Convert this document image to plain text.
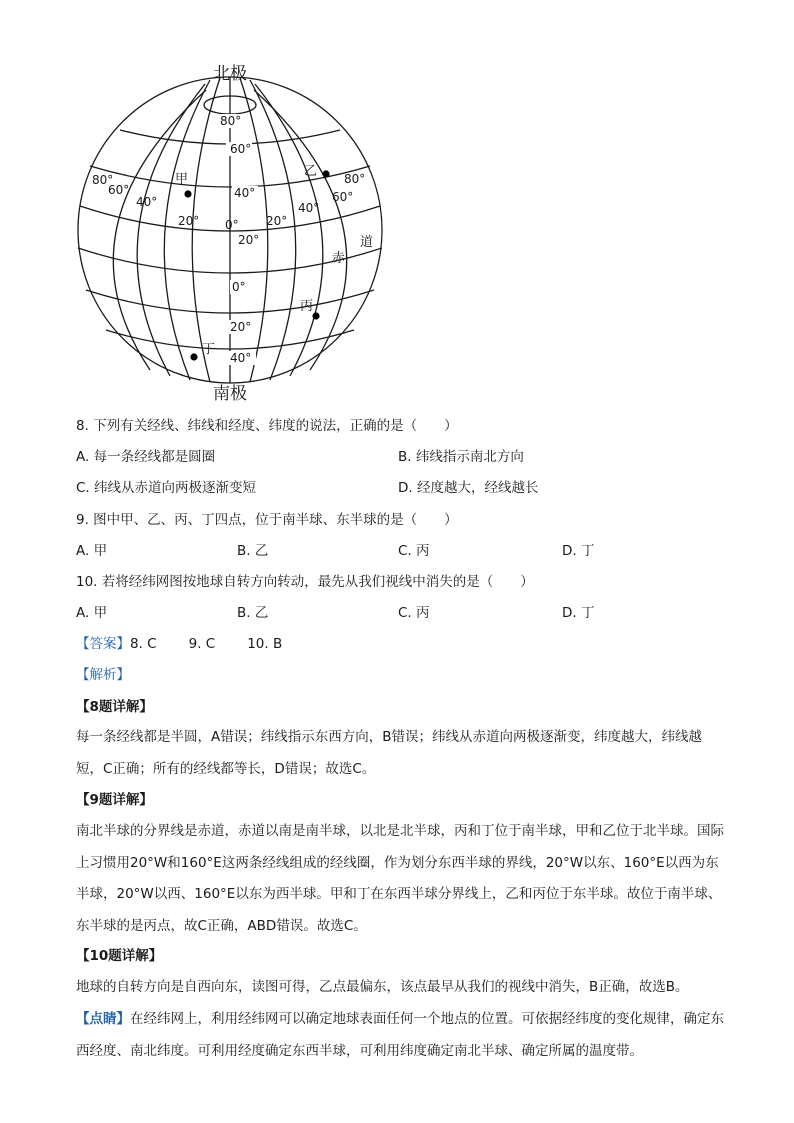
北极
南极
80°
60°
40°
20°
0°
20°
40°
0°
80°
60°
40°
20°	20°
40°
60°
80°
赤
道
甲
乙
丙
丁
8. 下列有关经线、纬线和经度、纬度的说法，正确的是（　　）
A. 每一条经线都是圆圈	B. 纬线指示南北方向
C. 纬线从赤道向两极逐渐变短	D. 经度越大，经线越长
9. 图中甲、乙、丙、丁四点，位于南半球、东半球的是（　　）
A. 甲	B. 乙	C. 丙	D. 丁
10. 若将经纬网图按地球自转方向转动，最先从我们视线中消失的是（　　）
A. 甲	B. 乙	C. 丙	D. 丁
【答案】8. C 9. C 10. B
【解析】
【8题详解】
每一条经线都是半圆，A错误；纬线指示东西方向，B错误；纬线从赤道向两极逐渐变，纬度越大，纬线越短，C正确；所有的经线都等长，D错误；故选C。
【9题详解】
南北半球的分界线是赤道，赤道以南是南半球，以北是北半球，丙和丁位于南半球，甲和乙位于北半球。国际上习惯用20°W和160°E这两条经线组成的经线圈，作为划分东西半球的界线，20°W以东、160°E以西为东半球，20°W以西、160°E以东为西半球。甲和丁在东西半球分界线上，乙和丙位于东半球。故位于南半球、东半球的是丙点，故C正确，ABD错误。故选C。
【10题详解】
地球的自转方向是自西向东，读图可得，乙点最偏东，该点最早从我们的视线中消失，B正确，故选B。
【点睛】在经纬网上，利用经纬网可以确定地球表面任何一个地点的位置。可依据经纬度的变化规律，确定东西经度、南北纬度。可利用经度确定东西半球，可利用纬度确定南北半球、确定所属的温度带。
